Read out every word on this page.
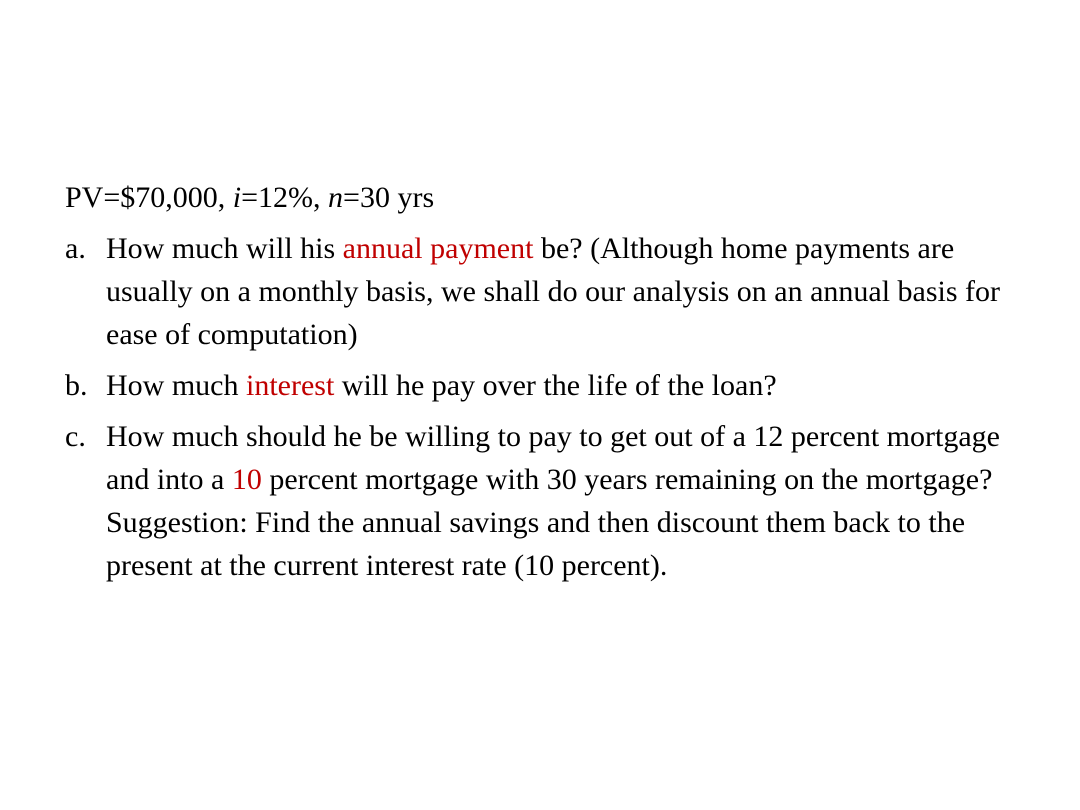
PV=$70,000, i=12%, n=30 yrs

a. How much will his annual payment be? (Although home payments are usually on a monthly basis, we shall do our analysis on an annual basis for ease of computation)
b. How much interest will he pay over the life of the loan?
c. How much should he be willing to pay to get out of a 12 percent mortgage and into a 10 percent mortgage with 30 years remaining on the mortgage? Suggestion: Find the annual savings and then discount them back to the present at the current interest rate (10 percent).
